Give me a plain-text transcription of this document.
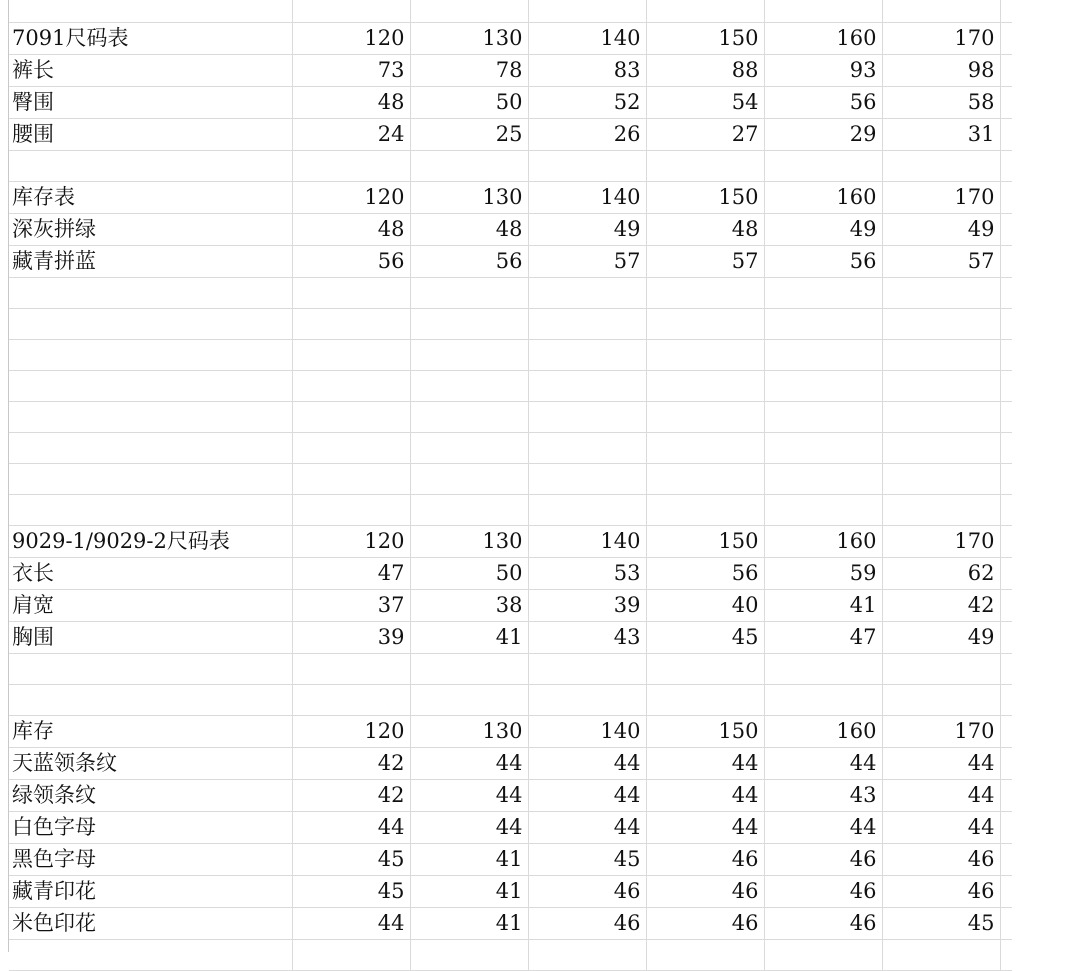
7091尺码表	120	130	140	150	160	170	
裤长	73	78	83	88	93	98	
臀围	48	50	52	54	56	58	
腰围	24	25	26	27	29	31	

库存表	120	130	140	150	160	170	
深灰拼绿	48	48	49	48	49	49	
藏青拼蓝	56	56	57	57	56	57	

9029-1/9029-2尺码表	120	130	140	150	160	170	
衣长	47	50	53	56	59	62	
肩宽	37	38	39	40	41	42	
胸围	39	41	43	45	47	49	

库存	120	130	140	150	160	170	
天蓝领条纹	42	44	44	44	44	44	
绿领条纹	42	44	44	44	43	44	
白色字母	44	44	44	44	44	44	
黑色字母	45	41	45	46	46	46	
藏青印花	45	41	46	46	46	46	
米色印花	44	41	46	46	46	45	
